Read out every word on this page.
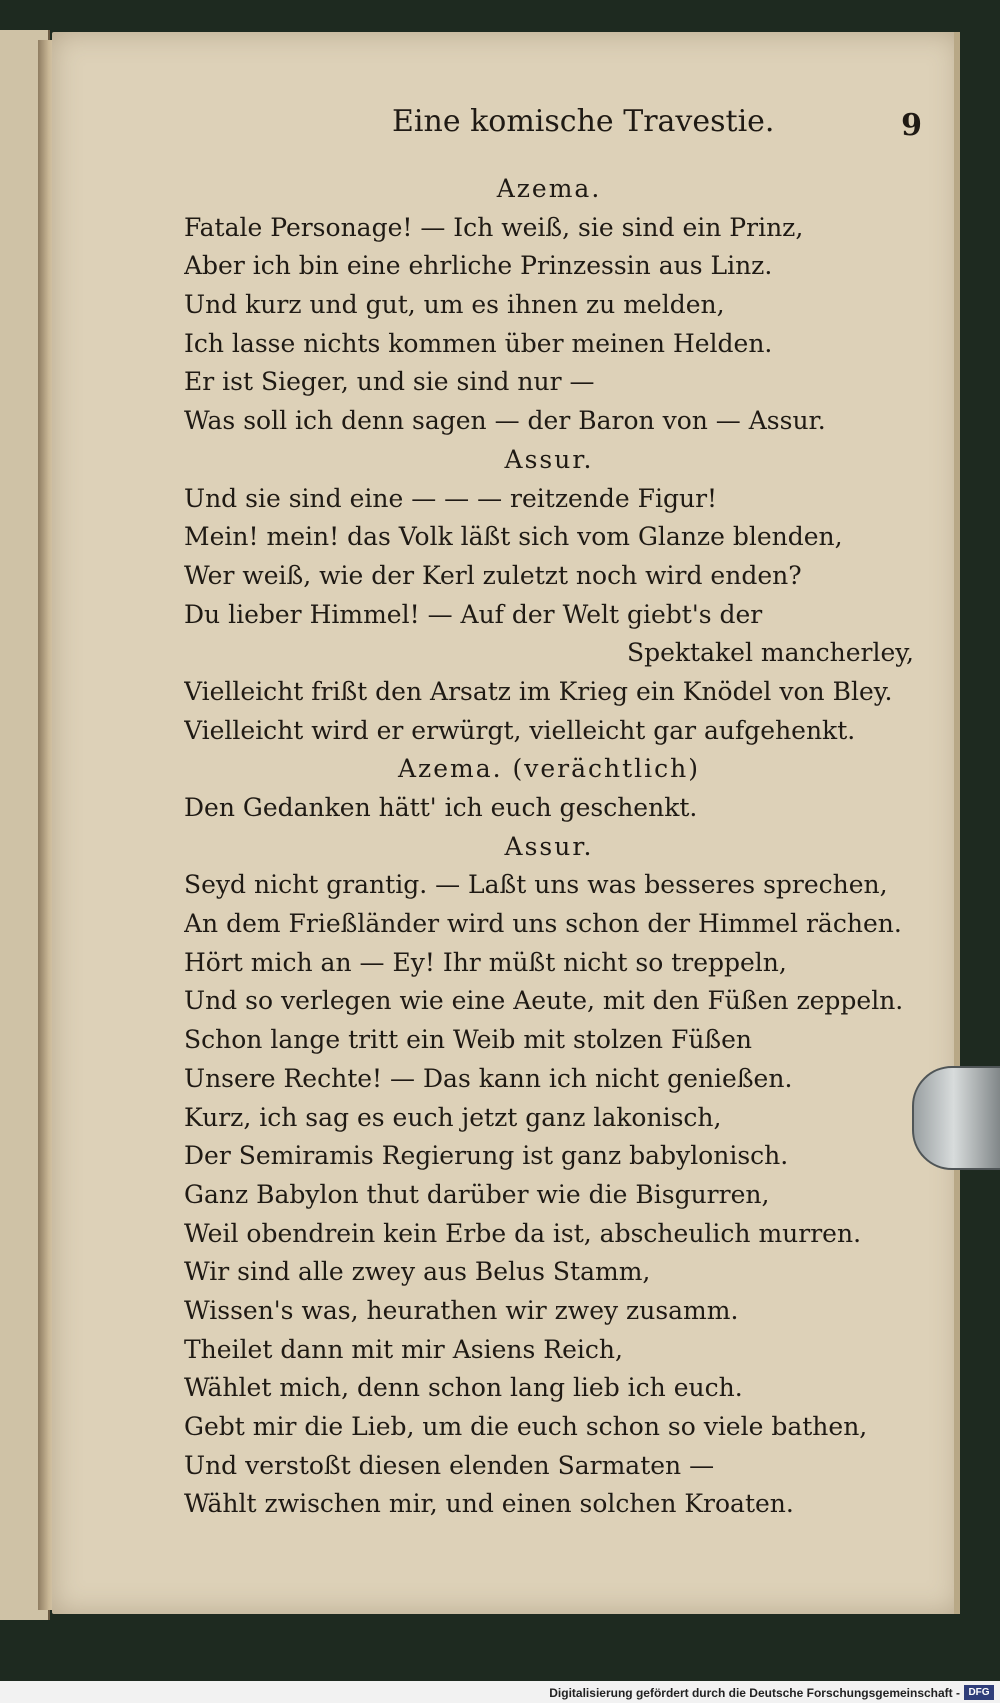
Eine komische Travestie.	9
Azema.
Fatale Personage! — Ich weiß, sie sind ein Prinz,
Aber ich bin eine ehrliche Prinzessin aus Linz.
Und kurz und gut, um es ihnen zu melden,
Ich lasse nichts kommen über meinen Helden.
Er ist Sieger, und sie sind nur —
Was soll ich denn sagen — der Baron von — Assur.
Assur.
Und sie sind eine — — — reitzende Figur!
Mein! mein! das Volk läßt sich vom Glanze blenden,
Wer weiß, wie der Kerl zuletzt noch wird enden?
Du lieber Himmel! — Auf der Welt giebt's der
Spektakel mancherley,
Vielleicht frißt den Arsatz im Krieg ein Knödel von Bley.
Vielleicht wird er erwürgt, vielleicht gar aufgehenkt.
Azema. (verächtlich)
Den Gedanken hätt' ich euch geschenkt.
Assur.
Seyd nicht grantig. — Laßt uns was besseres sprechen,
An dem Frießländer wird uns schon der Himmel rächen.
Hört mich an — Ey! Ihr müßt nicht so treppeln,
Und so verlegen wie eine Aeute, mit den Füßen zeppeln.
Schon lange tritt ein Weib mit stolzen Füßen
Unsere Rechte! — Das kann ich nicht genießen.
Kurz, ich sag es euch jetzt ganz lakonisch,
Der Semiramis Regierung ist ganz babylonisch.
Ganz Babylon thut darüber wie die Bisgurren,
Weil obendrein kein Erbe da ist, abscheulich murren.
Wir sind alle zwey aus Belus Stamm,
Wissen's was, heurathen wir zwey zusamm.
Theilet dann mit mir Asiens Reich,
Wählet mich, denn schon lang lieb ich euch.
Gebt mir die Lieb, um die euch schon so viele bathen,
Und verstoßt diesen elenden Sarmaten —
Wählt zwischen mir, und einen solchen Kroaten.
Digitalisierung gefördert durch die Deutsche Forschungsgemeinschaft - DFG
